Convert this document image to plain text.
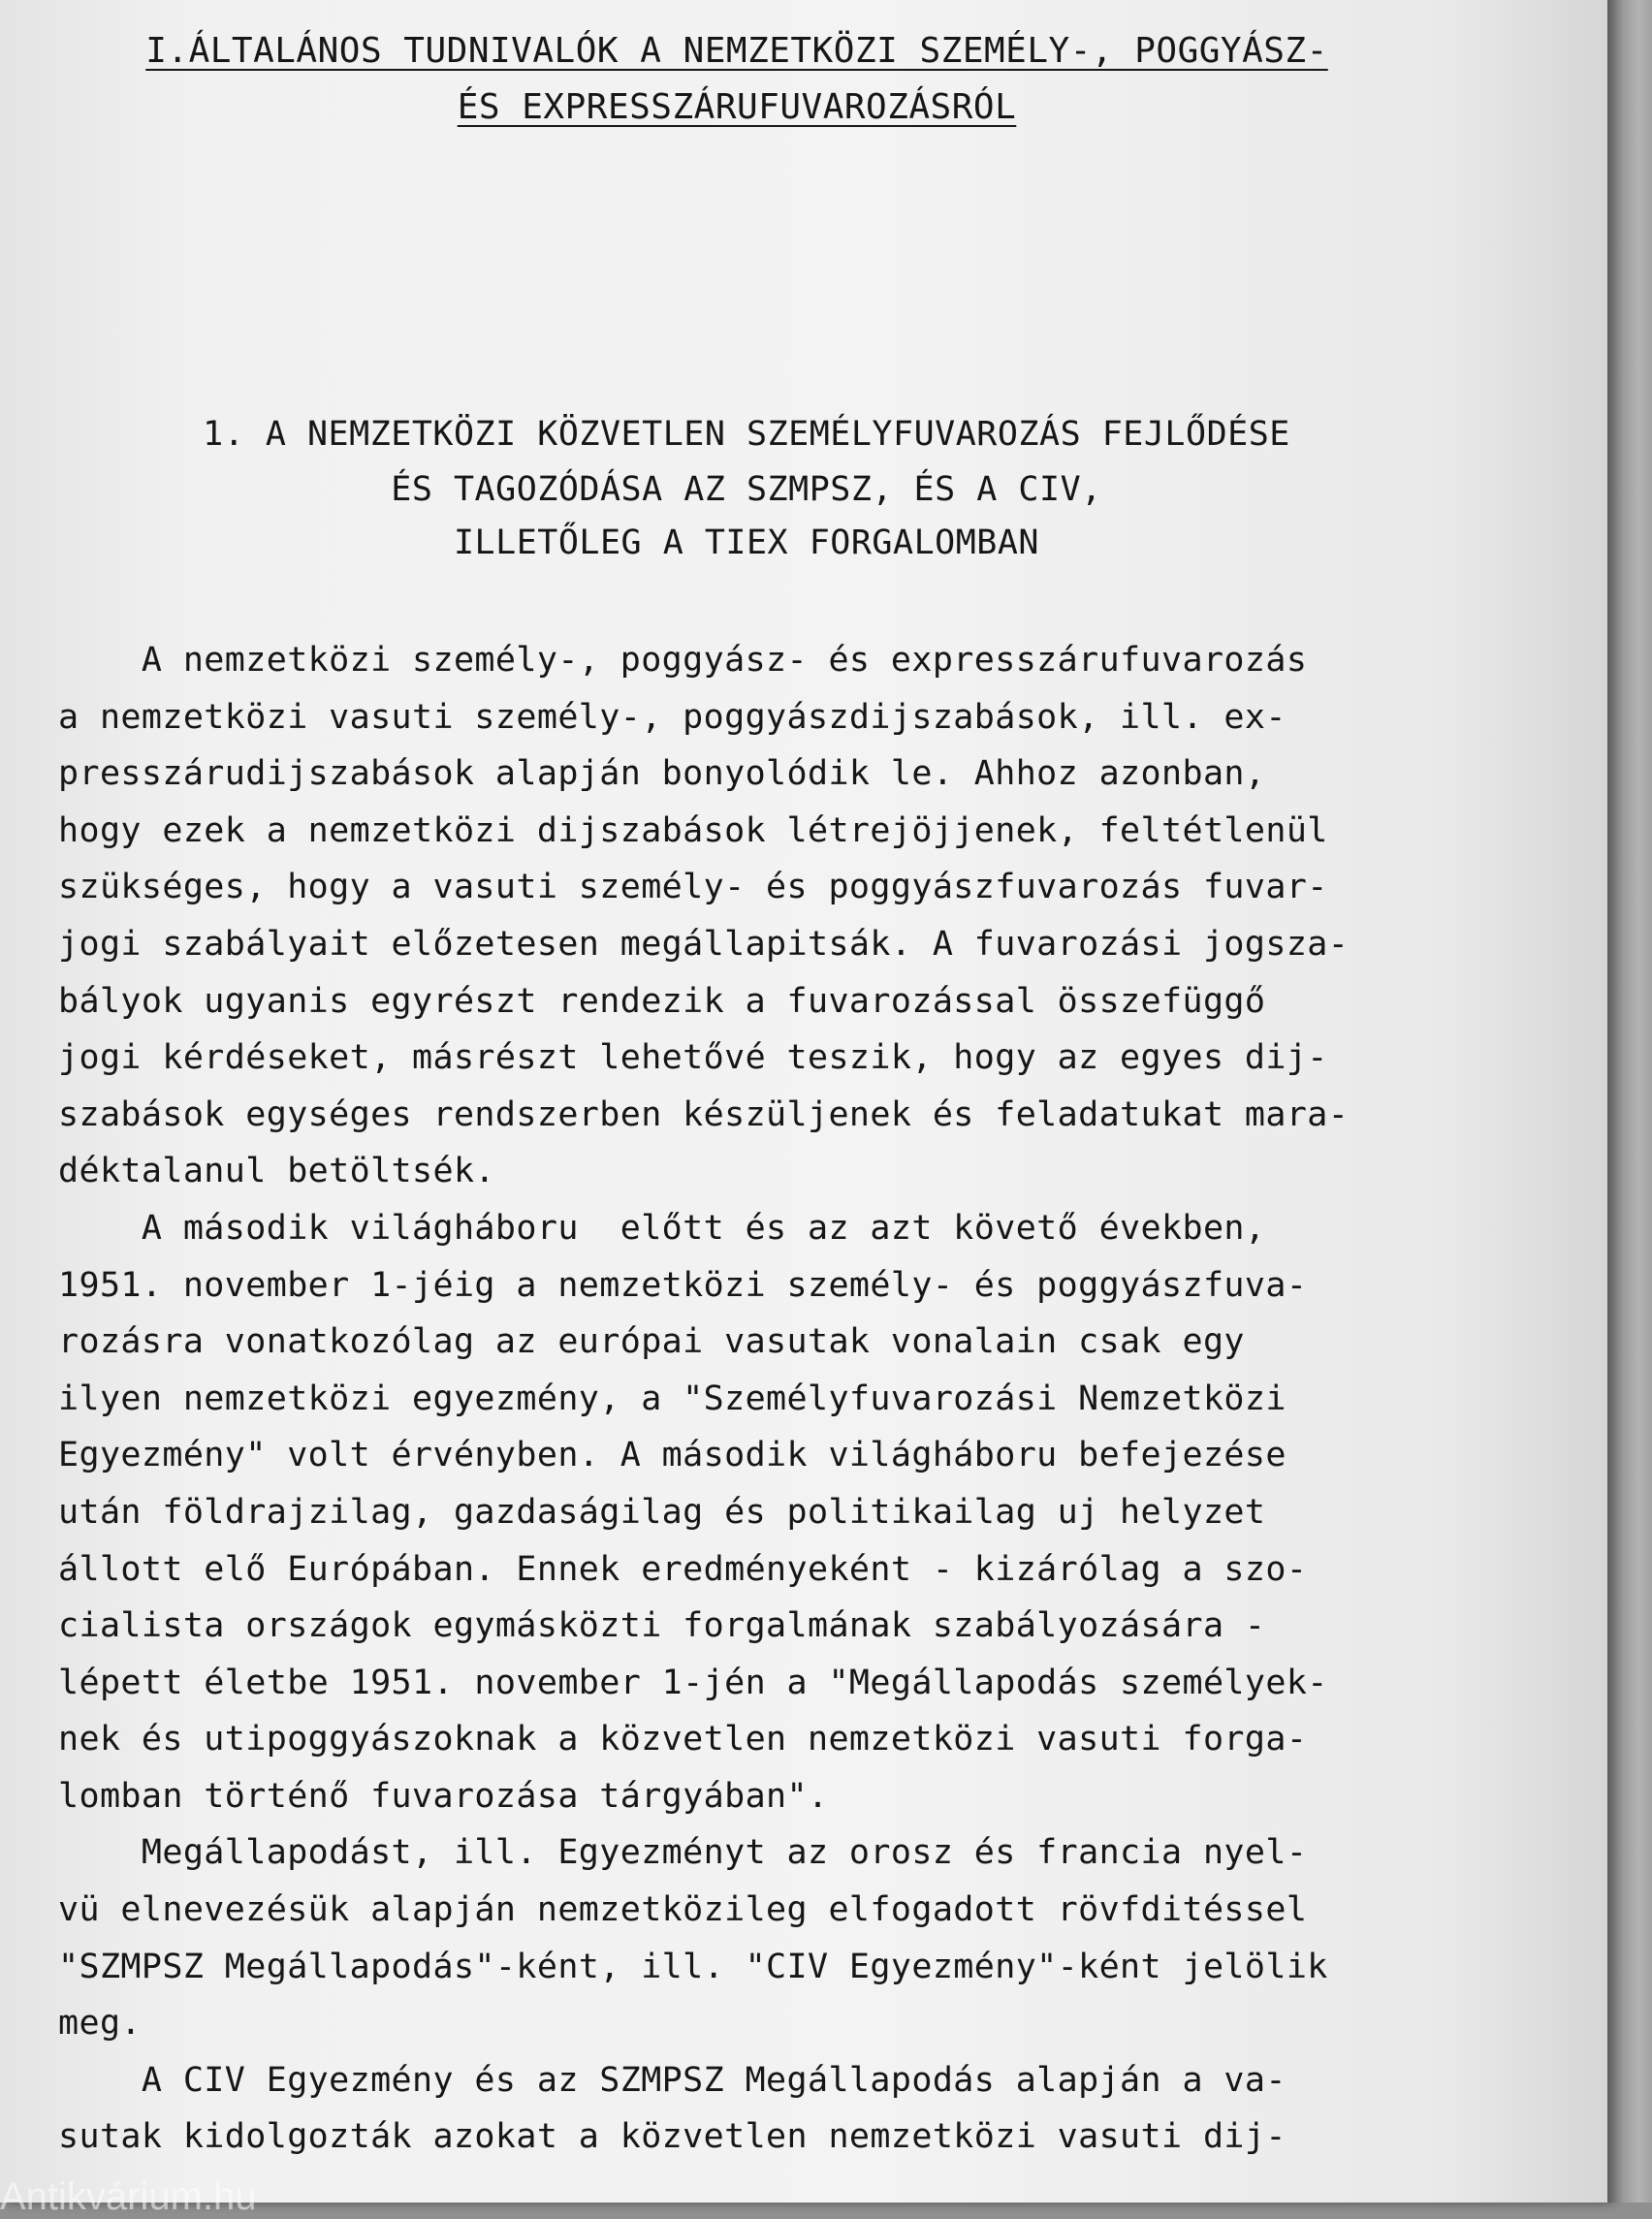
I.ÁLTALÁNOS TUDNIVALÓK A NEMZETKÖZI SZEMÉLY-, POGGYÁSZ-
ÉS EXPRESSZÁRUFUVAROZÁSRÓL
1. A NEMZETKÖZI KÖZVETLEN SZEMÉLYFUVAROZÁS FEJLŐDÉSE
ÉS TAGOZÓDÁSA AZ SZMPSZ, ÉS A CIV,
ILLETŐLEG A TIEX FORGALOMBAN
A nemzetközi személy-, poggyász- és expresszárufuvarozás
a nemzetközi vasuti személy-, poggyászdijszabások, ill. ex-
presszárudijszabások alapján bonyolódik le. Ahhoz azonban,
hogy ezek a nemzetközi dijszabások létrejöjjenek, feltétlenül
szükséges, hogy a vasuti személy- és poggyászfuvarozás fuvar-
jogi szabályait előzetesen megállapitsák. A fuvarozási jogsza-
bályok ugyanis egyrészt rendezik a fuvarozással összefüggő
jogi kérdéseket, másrészt lehetővé teszik, hogy az egyes dij-
szabások egységes rendszerben készüljenek és feladatukat mara-
déktalanul betöltsék.
A második világháboru  előtt és az azt követő években,
1951. november 1-jéig a nemzetközi személy- és poggyászfuva-
rozásra vonatkozólag az európai vasutak vonalain csak egy
ilyen nemzetközi egyezmény, a "Személyfuvarozási Nemzetközi
Egyezmény" volt érvényben. A második világháboru befejezése
után földrajzilag, gazdaságilag és politikailag uj helyzet
állott elő Európában. Ennek eredményeként - kizárólag a szo-
cialista országok egymásközti forgalmának szabályozására -
lépett életbe 1951. november 1-jén a "Megállapodás személyek-
nek és utipoggyászoknak a közvetlen nemzetközi vasuti forga-
lomban történő fuvarozása tárgyában".
Megállapodást, ill. Egyezményt az orosz és francia nyel-
vü elnevezésük alapján nemzetközileg elfogadott rövfditéssel
"SZMPSZ Megállapodás"-ként, ill. "CIV Egyezmény"-ként jelölik
meg.
A CIV Egyezmény és az SZMPSZ Megállapodás alapján a va-
sutak kidolgozták azokat a közvetlen nemzetközi vasuti dij-
Antikvárium.hu
